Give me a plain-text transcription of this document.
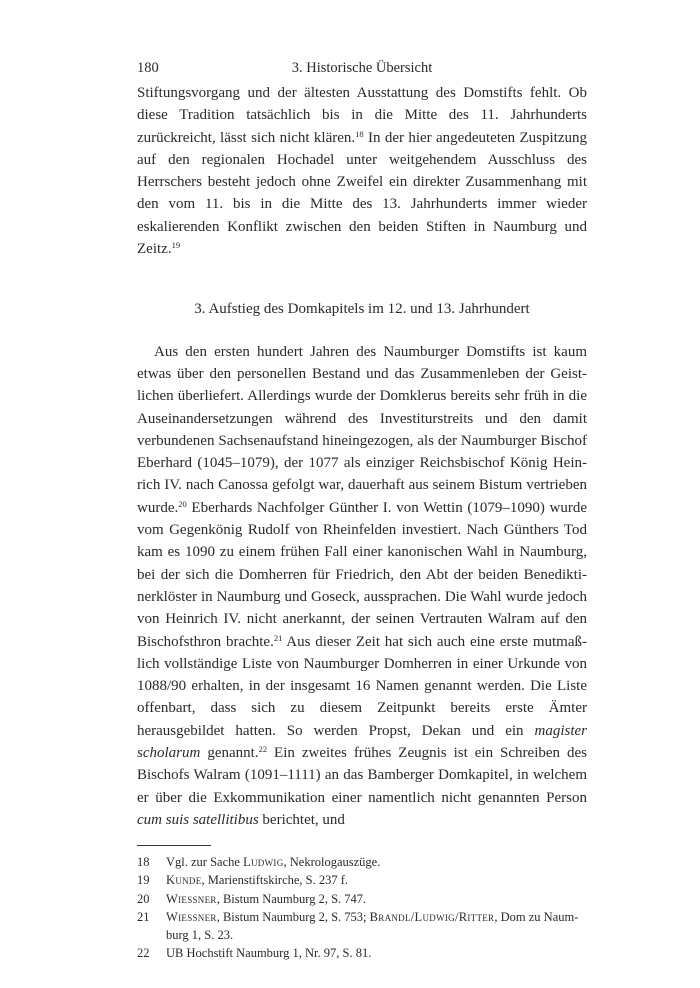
180	3. Historische Übersicht

Stiftungsvorgang und der ältesten Ausstattung des Domstifts fehlt. Ob diese Tradition tatsächlich bis in die Mitte des 11. Jahrhunderts zurückreicht, lässt sich nicht klären.$^{18}$ In der hier angedeuteten Zuspitzung auf den regionalen Hochadel unter weitgehendem Ausschluss des Herrschers besteht jedoch ohne Zweifel ein direkter Zusammenhang mit den vom 11. bis in die Mitte des 13. Jahrhunderts immer wieder eskalierenden Konflikt zwischen den beiden Stiften in Naumburg und Zeitz.$^{19}$

3. Aufstieg des Domkapitels im 12. und 13. Jahrhundert

Aus den ersten hundert Jahren des Naumburger Domstifts ist kaum etwas über den personellen Bestand und das Zusammenleben der Geistlichen überliefert. Allerdings wurde der Domklerus bereits sehr früh in die Auseinandersetzungen während des Investiturstreits und den damit verbundenen Sachsenaufstand hineingezogen, als der Naumburger Bischof Eberhard (1045–1079), der 1077 als einziger Reichsbischof König Heinrich IV. nach Canossa gefolgt war, dauerhaft aus seinem Bistum vertrieben wurde.$^{20}$ Eberhards Nachfolger Günther I. von Wettin (1079–1090) wurde vom Gegenkönig Rudolf von Rheinfelden investiert. Nach Günthers Tod kam es 1090 zu einem frühen Fall einer kanonischen Wahl in Naumburg, bei der sich die Domherren für Friedrich, den Abt der beiden Benediktinerklöster in Naumburg und Goseck, aussprachen. Die Wahl wurde jedoch von Heinrich IV. nicht anerkannt, der seinen Vertrauten Walram auf den Bischofsthron brachte.$^{21}$ Aus dieser Zeit hat sich auch eine erste mutmaßlich vollständige Liste von Naumburger Domherren in einer Urkunde von 1088/90 erhalten, in der insgesamt 16 Namen genannt werden. Die Liste offenbart, dass sich zu diesem Zeitpunkt bereits erste Ämter herausgebildet hatten. So werden Propst, Dekan und ein magister scholarum genannt.$^{22}$ Ein zweites frühes Zeugnis ist ein Schreiben des Bischofs Walram (1091–1111) an das Bamberger Domkapitel, in welchem er über die Exkommunikation einer namentlich nicht genannten Person cum suis satellitibus berichtet, und

18 Vgl. zur Sache Ludwig, Nekrologauszüge.
19 Kunde, Marienstiftskirche, S. 237 f.
20 Wiessner, Bistum Naumburg 2, S. 747.
21 Wiessner, Bistum Naumburg 2, S. 753; Brandl/Ludwig/Ritter, Dom zu Naumburg 1, S. 23.
22 UB Hochstift Naumburg 1, Nr. 97, S. 81.
